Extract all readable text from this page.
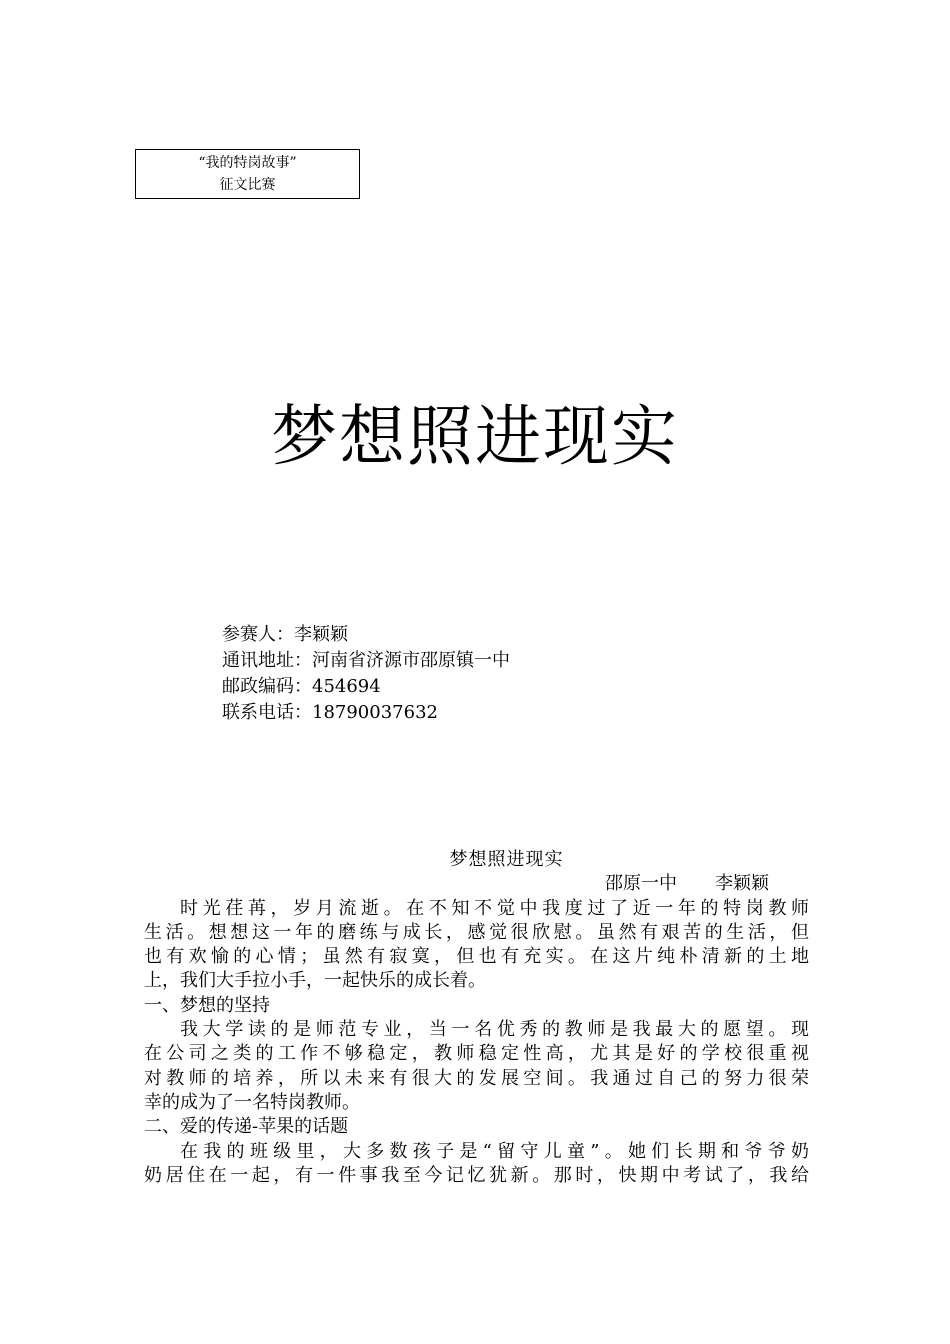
“我的特岗故事”
征文比赛
梦想照进现实
参赛人：李颖颖
通讯地址：河南省济源市邵原镇一中
邮政编码：454694
联系电话：18790037632
梦想照进现实
邵原一中 李颖颖
时光荏苒，岁月流逝。在不知不觉中我度过了近一年的特岗教师
生活。想想这一年的磨练与成长，感觉很欣慰。虽然有艰苦的生活，但
也有欢愉的心情；虽然有寂寞，但也有充实。在这片纯朴清新的土地
上，我们大手拉小手，一起快乐的成长着。
一、梦想的坚持
我大学读的是师范专业，当一名优秀的教师是我最大的愿望。现
在公司之类的工作不够稳定，教师稳定性高，尤其是好的学校很重视
对教师的培养，所以未来有很大的发展空间。我通过自己的努力很荣
幸的成为了一名特岗教师。
二、爱的传递-苹果的话题
在我的班级里，大多数孩子是“留守儿童”。她们长期和爷爷奶
奶居住在一起，有一件事我至今记忆犹新。那时，快期中考试了，我给
